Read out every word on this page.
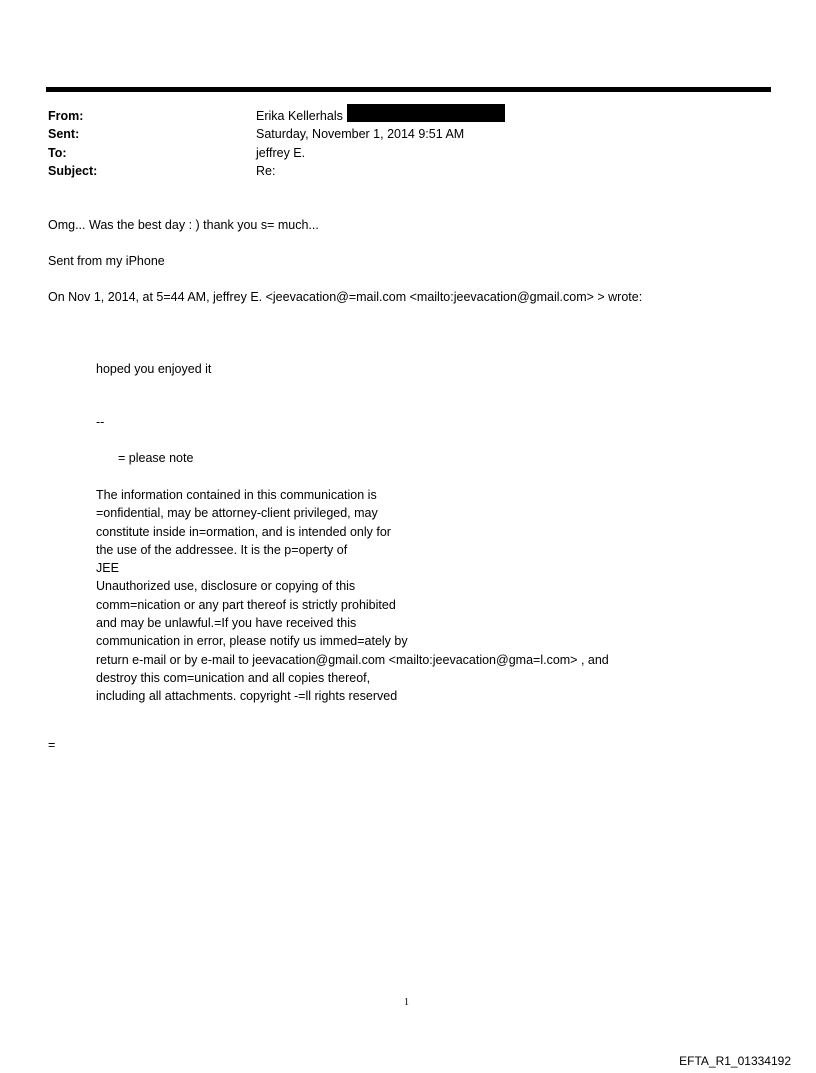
From:	Erika Kellerhals
Sent:	Saturday, November 1, 2014 9:51 AM
To:	jeffrey E.
Subject:	Re:
Omg... Was the best day : ) thank you s= much...
Sent from my iPhone
On Nov 1, 2014, at 5=44 AM, jeffrey E. <jeevacation@=mail.com <mailto:jeevacation@gmail.com> > wrote:
hoped you enjoyed it
--
= please note
The information contained in this communication is
=onfidential, may be attorney-client privileged, may
constitute inside in=ormation, and is intended only for
the use of the addressee. It is the p=operty of
JEE
Unauthorized use, disclosure or copying of this
comm=nication or any part thereof is strictly prohibited
and may be unlawful.=If you have received this
communication in error, please notify us immed=ately by
return e-mail or by e-mail to jeevacation@gmail.com <mailto:jeevacation@gma=l.com> , and
destroy this com=unication and all copies thereof,
including all attachments. copyright -=ll rights reserved
=
1
EFTA_R1_01334192
